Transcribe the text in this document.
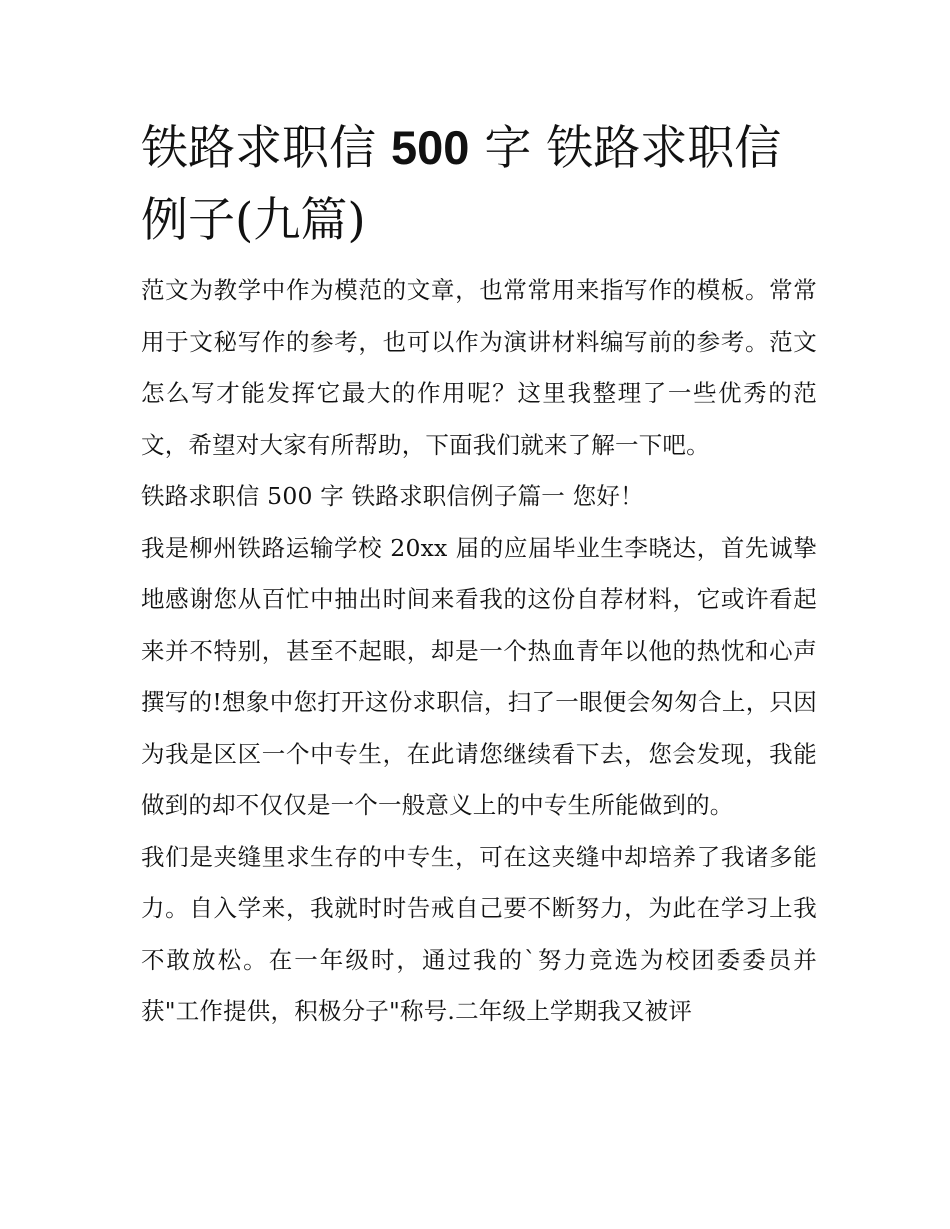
铁路求职信 500 字 铁路求职信例子(九篇)

范文为教学中作为模范的文章，也常常用来指写作的模板。常常用于文秘写作的参考，也可以作为演讲材料编写前的参考。范文怎么写才能发挥它最大的作用呢？这里我整理了一些优秀的范文，希望对大家有所帮助，下面我们就来了解一下吧。

铁路求职信 500 字 铁路求职信例子篇一 您好！

我是柳州铁路运输学校 20xx 届的应届毕业生李晓达，首先诚挚地感谢您从百忙中抽出时间来看我的这份自荐材料，它或许看起来并不特别，甚至不起眼，却是一个热血青年以他的热忱和心声撰写的!想象中您打开这份求职信，扫了一眼便会匆匆合上，只因为我是区区一个中专生，在此请您继续看下去，您会发现，我能做到的却不仅仅是一个一般意义上的中专生所能做到的。

我们是夹缝里求生存的中专生，可在这夹缝中却培养了我诸多能力。自入学来，我就时时告戒自己要不断努力，为此在学习上我不敢放松。在一年级时，通过我的`努力竞选为校团委委员并获"工作提供，积极分子"称号.二年级上学期我又被评
